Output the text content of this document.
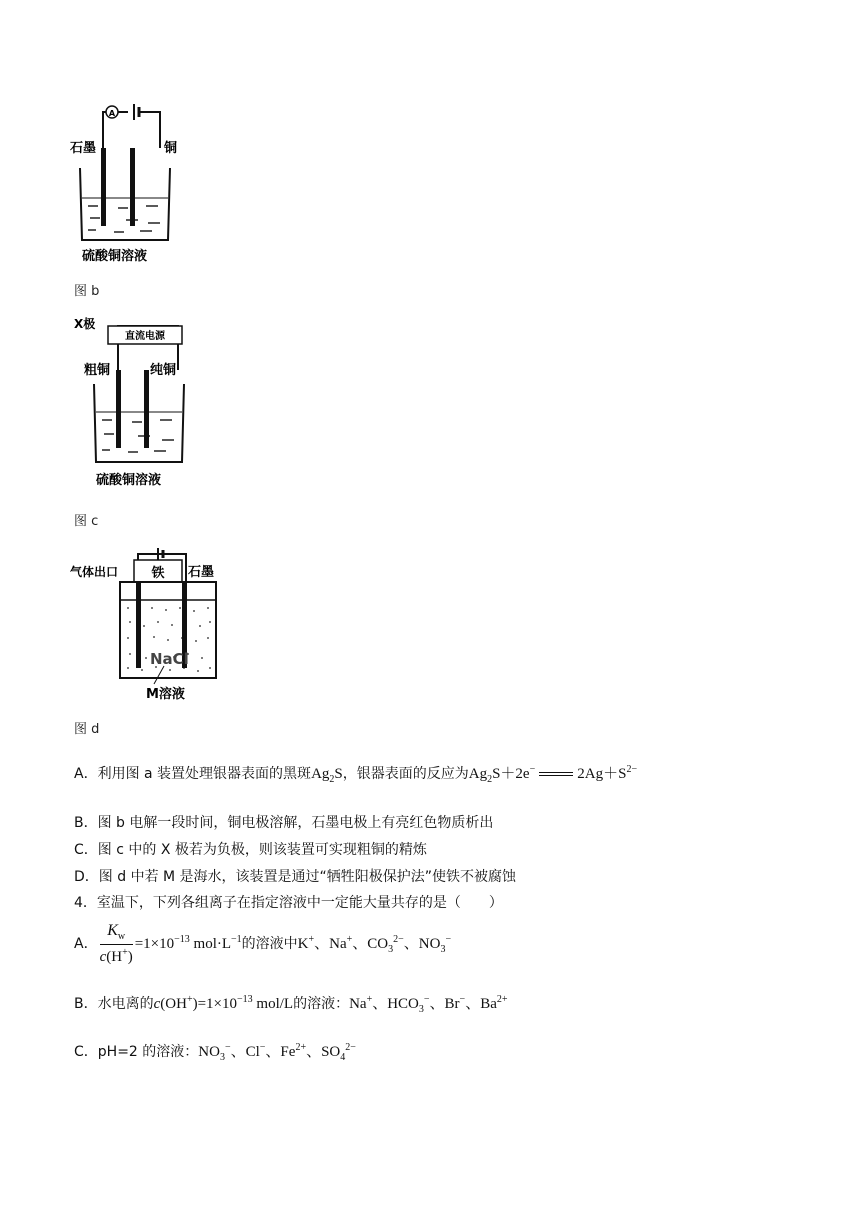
A
石墨	铜
硫酸铜溶液
图 b
X极
直流电源
粗铜	纯铜
硫酸铜溶液
图 c
气体出口	铁 石墨
NaCl
M溶液
图 d
A．利用图 a 装置处理银器表面的黑斑$Ag_2S$，银器表面的反应为$Ag_2S+2e^-$	$2Ag+S^{2-}$
B．图 b 电解一段时间，铜电极溶解，石墨电极上有亮红色物质析出
C．图 c 中的 X 极若为负极，则该装置可实现粗铜的精炼
D．图 d 中若 M 是海水，该装置是通过“牺牲阳极保护法”使铁不被腐蚀
4．室温下，下列各组离子在指定溶液中一定能大量共存的是（　　）
A． $\frac{K_w}{c(H^+)} =1\times 10^{-13}$ $mol\cdot L^{-1}$的溶液中K+、Na+、$CO_3^{2-}$、$NO_3^-$
B．水电离的$c(OH^+)=1\times 10^{-13}$ mol/L的溶液：Na+、$HCO_3^-$、Br−、$Ba^{2+}$
C．pH=2 的溶液：$NO_3^-$、Cl−、$Fe^{2+}$、$SO_4^{2-}$
